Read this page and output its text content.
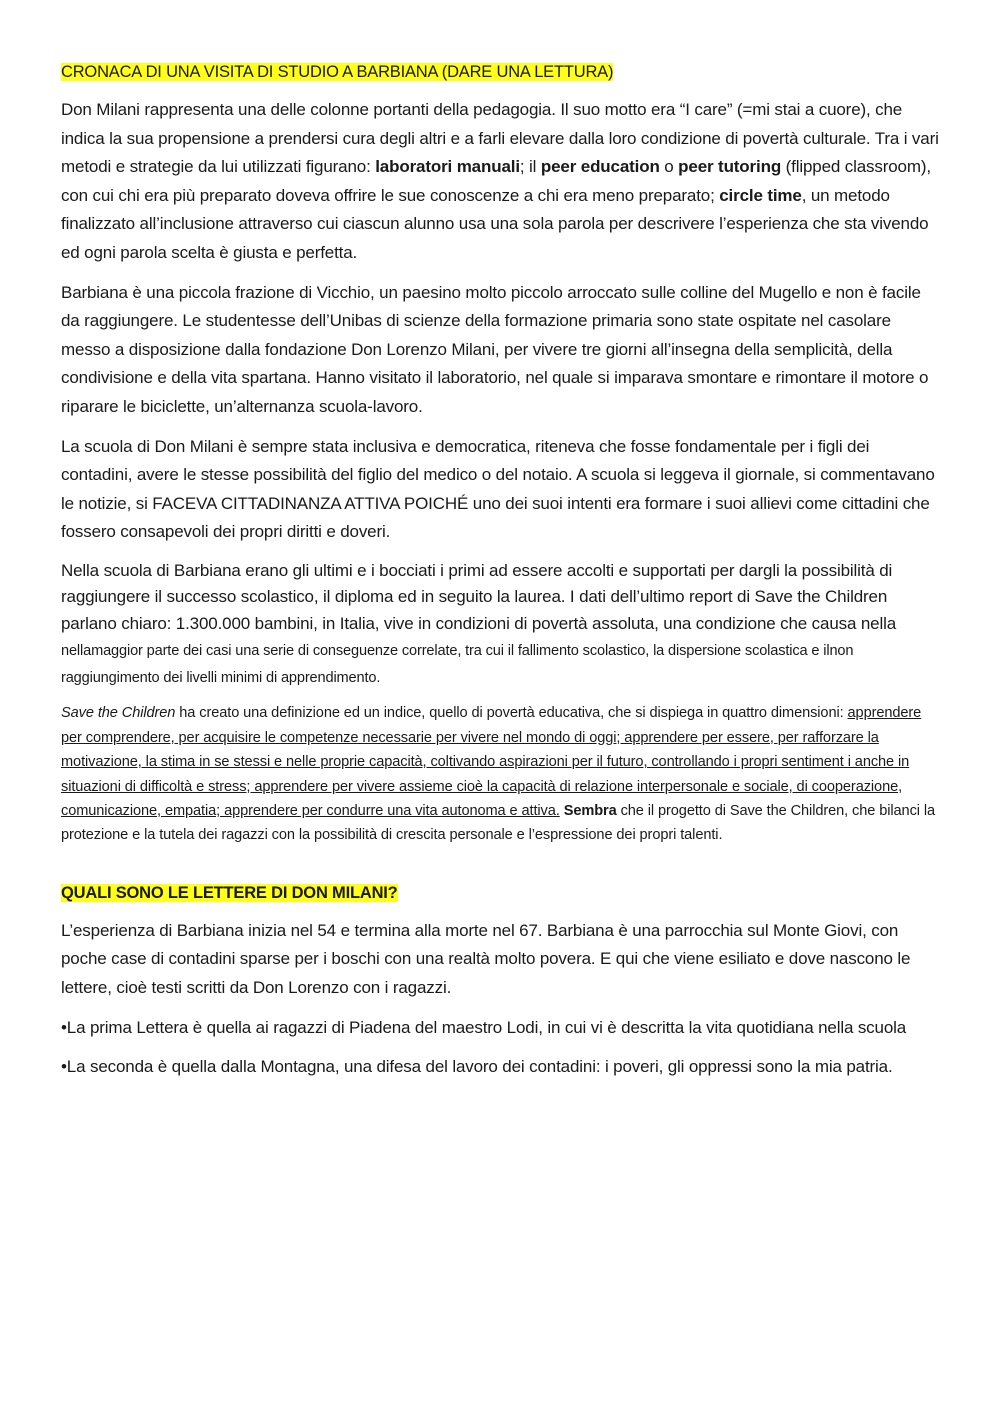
CRONACA DI UNA VISITA DI STUDIO A BARBIANA (DARE UNA LETTURA)

Don Milani rappresenta una delle colonne portanti della pedagogia. Il suo motto era “I care” (=mi stai a cuore), che indica la sua propensione a prendersi cura degli altri e a farli elevare dalla loro condizione di povertà culturale. Tra i vari metodi e strategie da lui utilizzati figurano: laboratori manuali; il peer education o peer tutoring (flipped classroom), con cui chi era più preparato doveva offrire le sue conoscenze a chi era meno preparato; circle time, un metodo finalizzato all’inclusione attraverso cui ciascun alunno usa una sola parola per descrivere l’esperienza che sta vivendo ed ogni parola scelta è giusta e perfetta.

Barbiana è una piccola frazione di Vicchio, un paesino molto piccolo arroccato sulle colline del Mugello e non è facile da raggiungere. Le studentesse dell’Unibas di scienze della formazione primaria sono state ospitate nel casolare messo a disposizione dalla fondazione Don Lorenzo Milani, per vivere tre giorni all’insegna della semplicità, della condivisione e della vita spartana. Hanno visitato il laboratorio, nel quale si imparava smontare e rimontare il motore o riparare le biciclette, un’alternanza scuola-lavoro.

La scuola di Don Milani è sempre stata inclusiva e democratica, riteneva che fosse fondamentale per i figli dei contadini, avere le stesse possibilità del figlio del medico o del notaio. A scuola si leggeva il giornale, si commentavano le notizie, si FACEVA CITTADINANZA ATTIVA POICHÉ uno dei suoi intenti era formare i suoi allievi come cittadini che fossero consapevoli dei propri diritti e doveri.

Nella scuola di Barbiana erano gli ultimi e i bocciati i primi ad essere accolti e supportati per dargli la possibilità di raggiungere il successo scolastico, il diploma ed in seguito la laurea. I dati dell’ultimo report di Save the Children parlano chiaro: 1.300.000 bambini, in Italia, vive in condizioni di povertà assoluta, una condizione che causa nella nellamaggior parte dei casi una serie di conseguenze correlate, tra cui il fallimento scolastico, la dispersione scolastica e ilnon raggiungimento dei livelli minimi di apprendimento.

Save the Children ha creato una definizione ed un indice, quello di povertà educativa, che si dispiega in quattro dimensioni: apprendere per comprendere, per acquisire le competenze necessarie per vivere nel mondo di oggi; apprendere per essere, per rafforzare la motivazione, la stima in se stessi e nelle proprie capacità, coltivando aspirazioni per il futuro, controllando i propri sentiment i anche in situazioni di difficoltà e stress; apprendere per vivere assieme cioè la capacità di relazione interpersonale e sociale, di cooperazione, comunicazione, empatia; apprendere per condurre una vita autonoma e attiva. Sembra che il progetto di Save the Children, che bilanci la protezione e la tutela dei ragazzi con la possibilità di crescita personale e l’espressione dei propri talenti.

QUALI SONO LE LETTERE DI DON MILANI?

L’esperienza di Barbiana inizia nel 54 e termina alla morte nel 67. Barbiana è una parrocchia sul Monte Giovi, con poche case di contadini sparse per i boschi con una realtà molto povera. E qui che viene esiliato e dove nascono le lettere, cioè testi scritti da Don Lorenzo con i ragazzi.

•La prima Lettera è quella ai ragazzi di Piadena del maestro Lodi, in cui vi è descritta la vita quotidiana nella scuola

•La seconda è quella dalla Montagna, una difesa del lavoro dei contadini: i poveri, gli oppressi sono la mia patria.
